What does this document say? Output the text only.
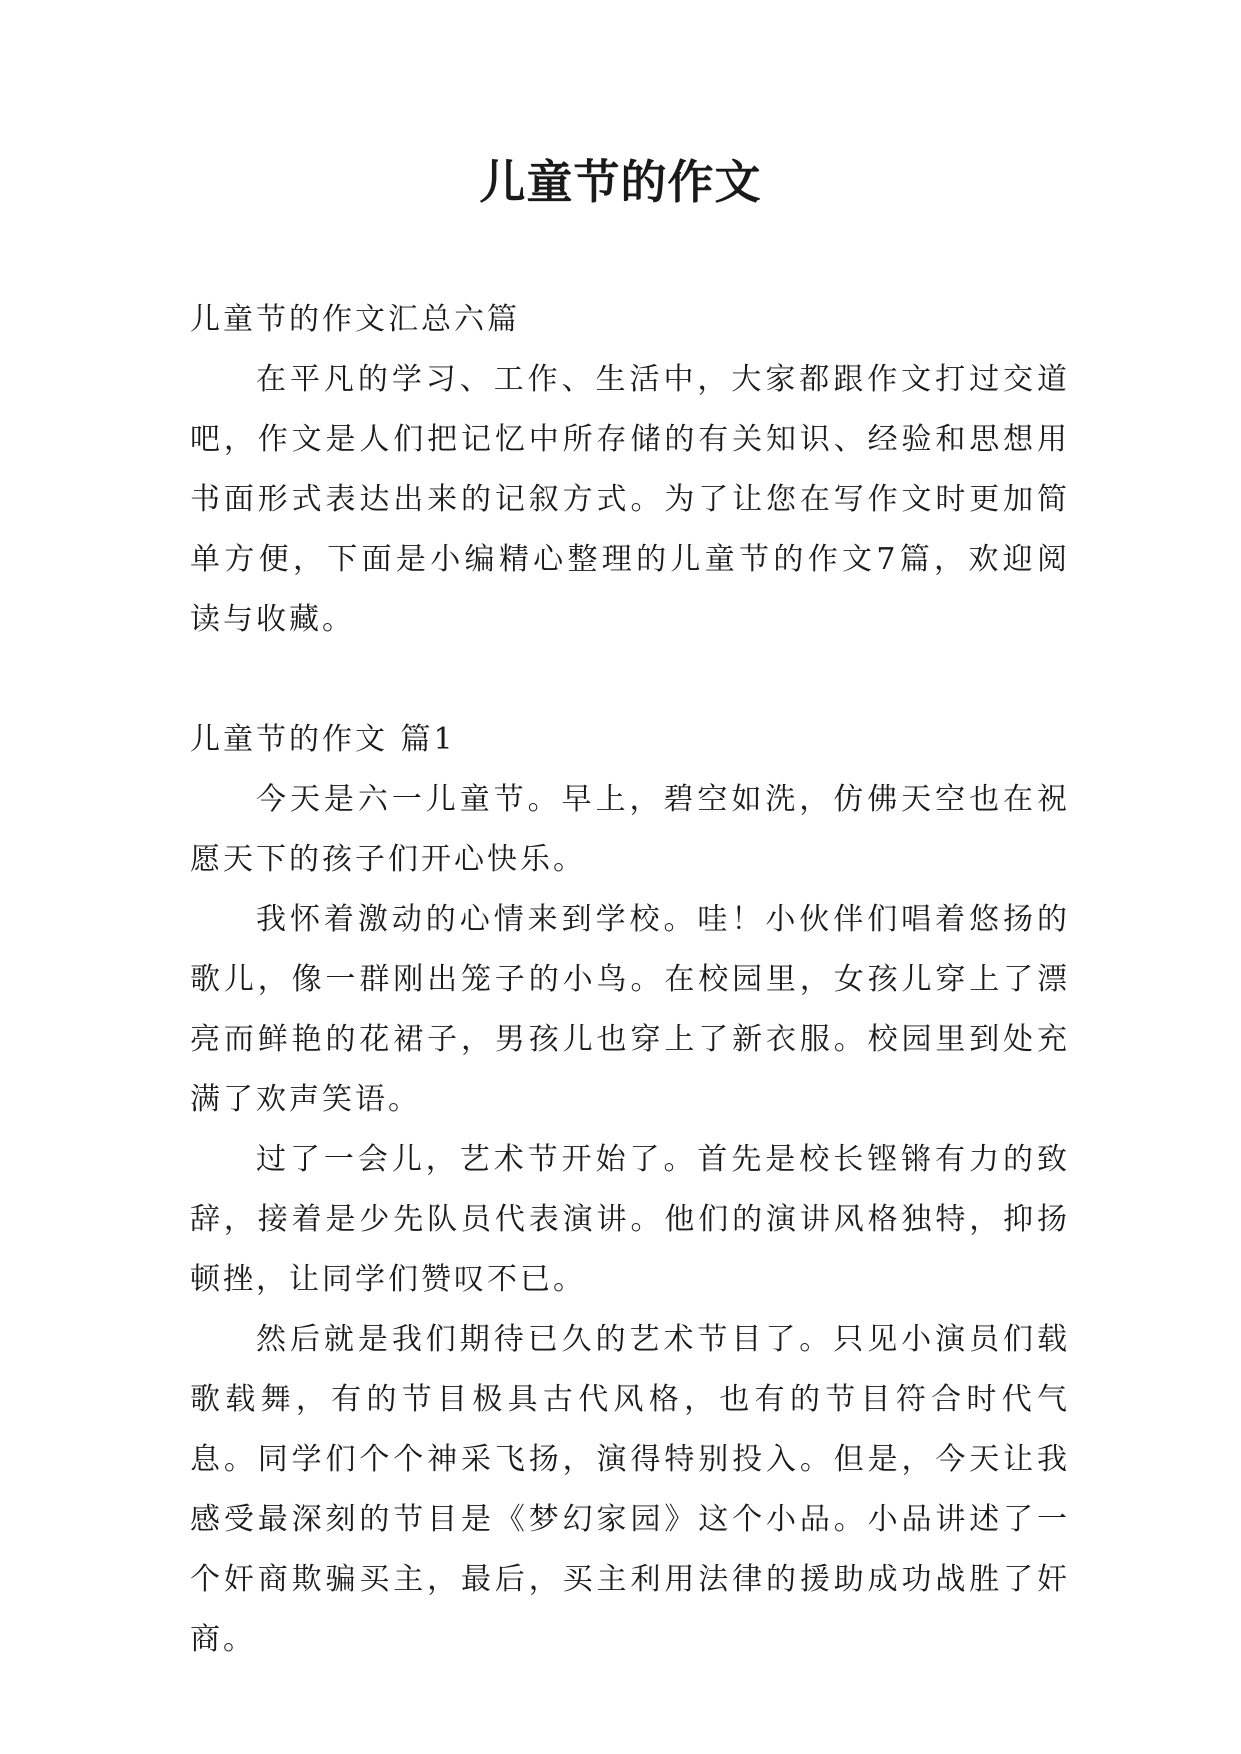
儿童节的作文

儿童节的作文汇总六篇

在平凡的学习、工作、生活中，大家都跟作文打过交道吧，作文是人们把记忆中所存储的有关知识、经验和思想用书面形式表达出来的记叙方式。为了让您在写作文时更加简单方便，下面是小编精心整理的儿童节的作文7篇，欢迎阅读与收藏。

儿童节的作文 篇1

今天是六一儿童节。早上，碧空如洗，仿佛天空也在祝愿天下的孩子们开心快乐。

我怀着激动的心情来到学校。哇！小伙伴们唱着悠扬的歌儿，像一群刚出笼子的小鸟。在校园里，女孩儿穿上了漂亮而鲜艳的花裙子，男孩儿也穿上了新衣服。校园里到处充满了欢声笑语。

过了一会儿，艺术节开始了。首先是校长铿锵有力的致辞，接着是少先队员代表演讲。他们的演讲风格独特，抑扬顿挫，让同学们赞叹不已。

然后就是我们期待已久的艺术节目了。只见小演员们载歌载舞，有的节目极具古代风格，也有的节目符合时代气息。同学们个个神采飞扬，演得特别投入。但是，今天让我感受最深刻的节目是《梦幻家园》这个小品。小品讲述了一个奸商欺骗买主，最后，买主利用法律的援助成功战胜了奸商。
